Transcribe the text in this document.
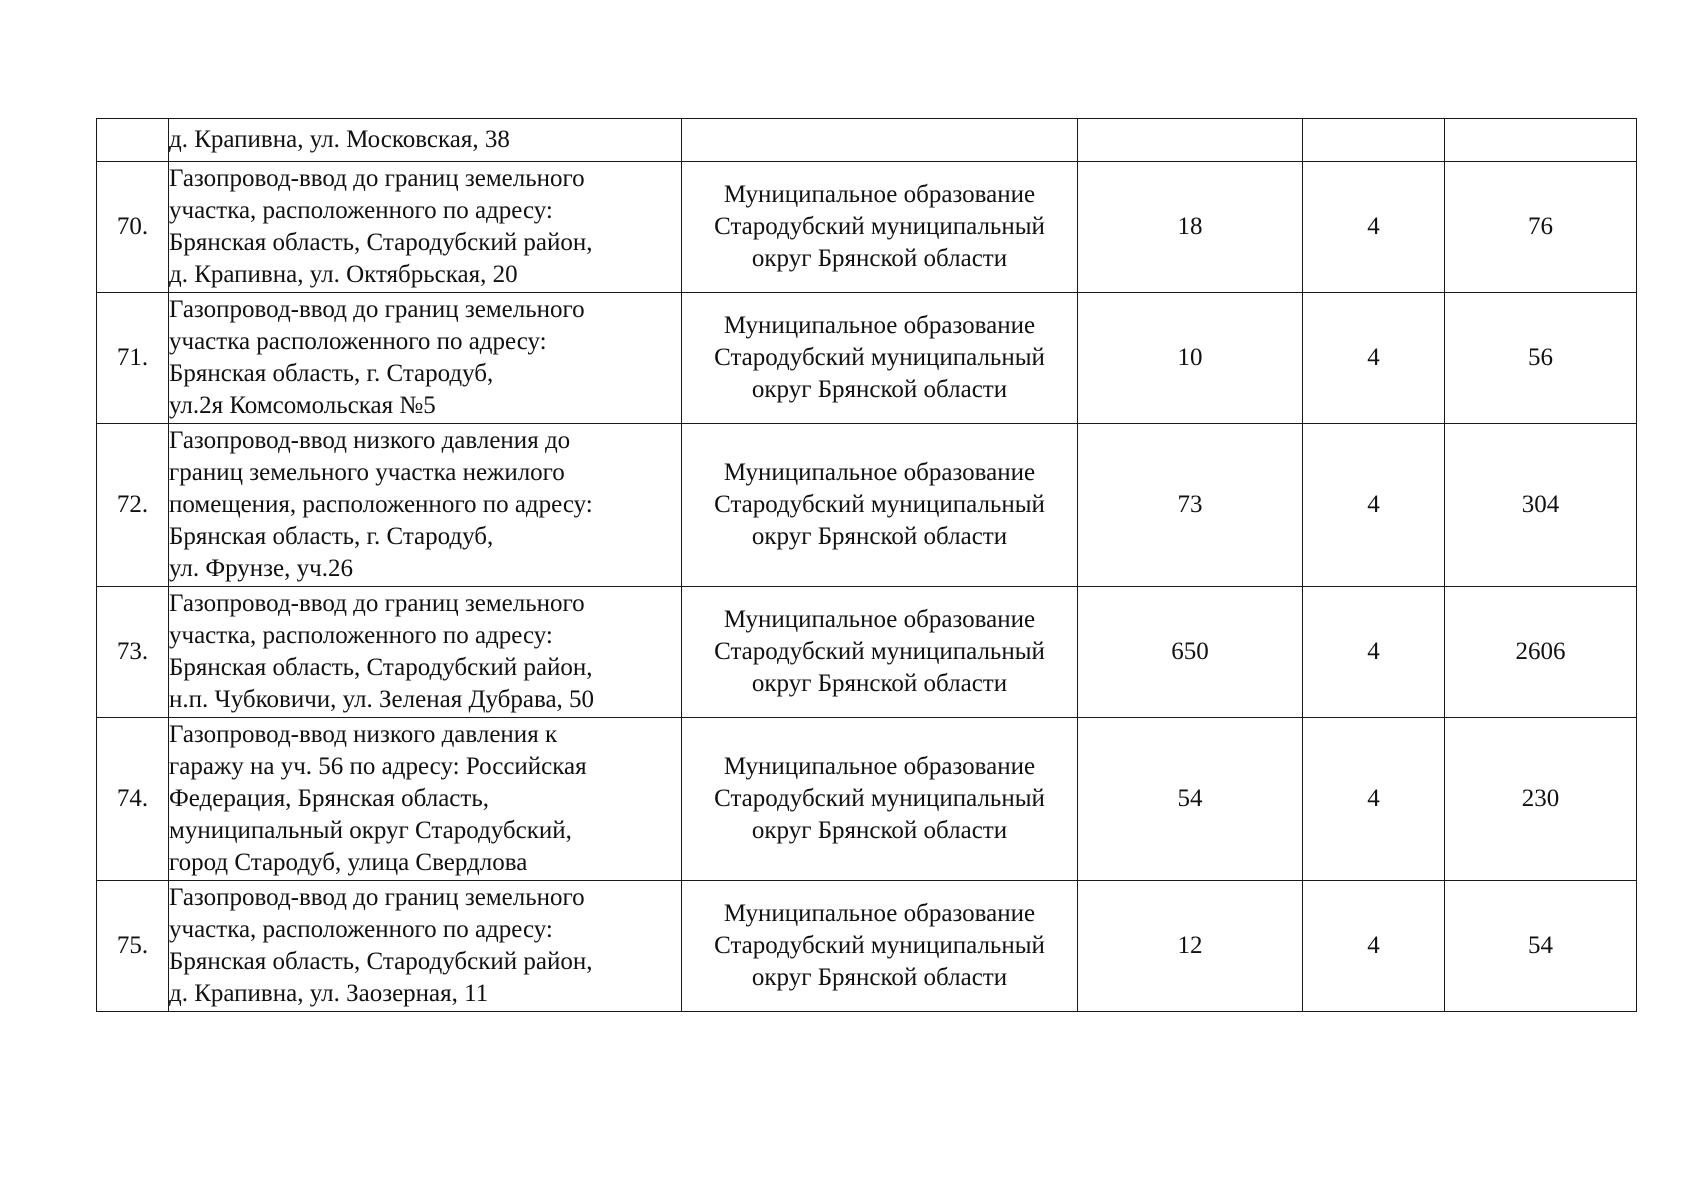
	д. Крапивна, ул. Московская, 38				
70.	Газопровод-ввод до границ земельного
участка, расположенного по адресу:
Брянская область, Стародубский район,
д. Крапивна, ул. Октябрьская, 20	Муниципальное образование
Стародубский муниципальный
округ Брянской области	18	4	76
71.	Газопровод-ввод до границ земельного
участка расположенного по адресу:
Брянская область, г. Стародуб,
ул.2я Комсомольская №5	Муниципальное образование
Стародубский муниципальный
округ Брянской области	10	4	56
72.	Газопровод-ввод низкого давления до
границ земельного участка нежилого
помещения, расположенного по адресу:
Брянская область, г. Стародуб,
ул. Фрунзе, уч.26	Муниципальное образование
Стародубский муниципальный
округ Брянской области	73	4	304
73.	Газопровод-ввод до границ земельного
участка, расположенного по адресу:
Брянская область, Стародубский район,
н.п. Чубковичи, ул. Зеленая Дубрава, 50	Муниципальное образование
Стародубский муниципальный
округ Брянской области	650	4	2606
74.	Газопровод-ввод низкого давления к
гаражу на уч. 56 по адресу: Российская
Федерация, Брянская область,
муниципальный округ Стародубский,
город Стародуб, улица Свердлова	Муниципальное образование
Стародубский муниципальный
округ Брянской области	54	4	230
75.	Газопровод-ввод до границ земельного
участка, расположенного по адресу:
Брянская область, Стародубский район,
д. Крапивна, ул. Заозерная, 11	Муниципальное образование
Стародубский муниципальный
округ Брянской области	12	4	54
